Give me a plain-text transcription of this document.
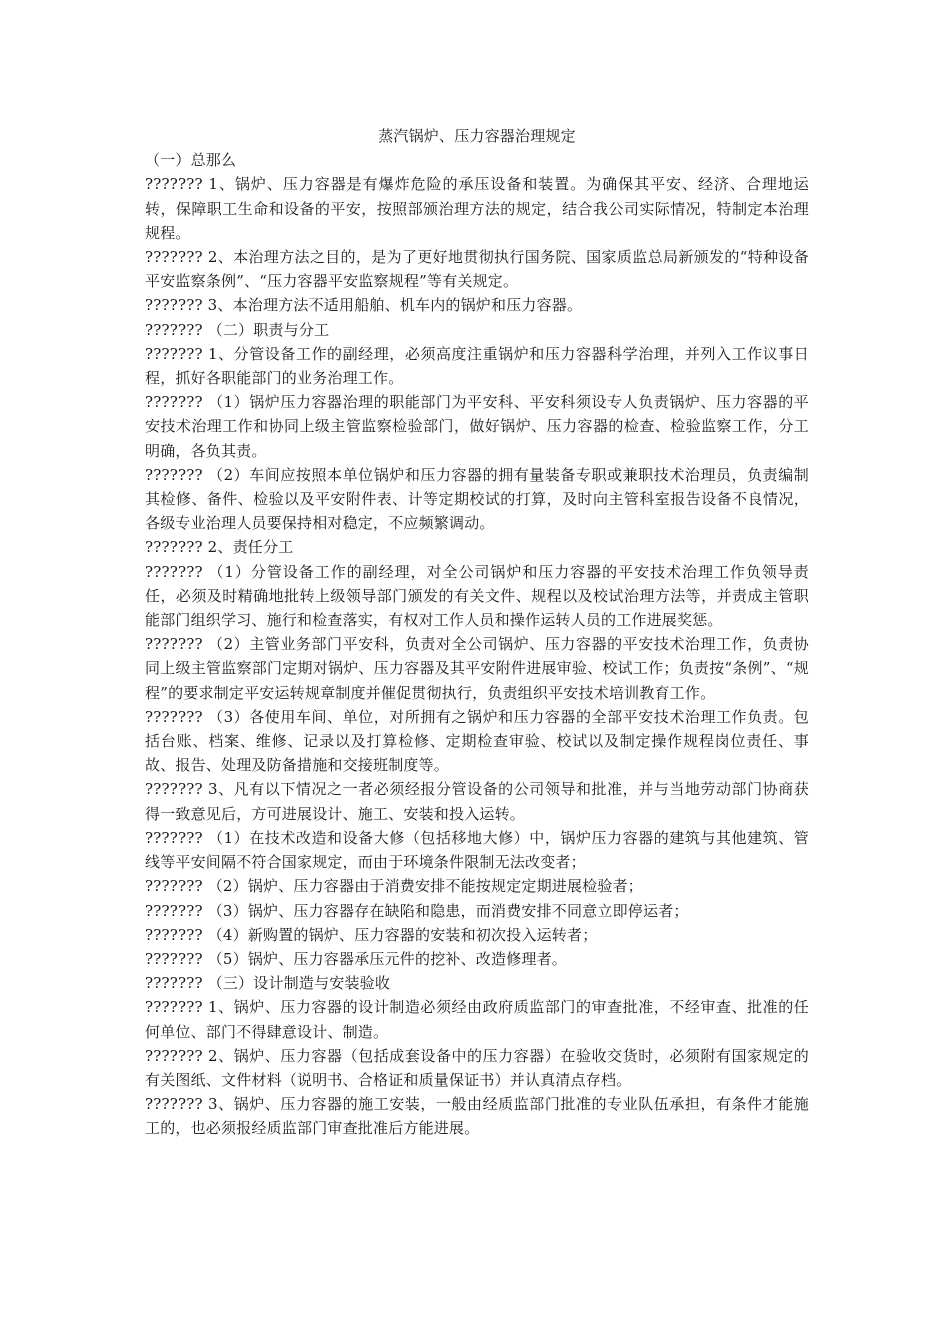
蒸汽锅炉、压力容器治理规定

（一）总那么

??????? 1、锅炉、压力容器是有爆炸危险的承压设备和装置。为确保其平安、经济、合理地运转，保障职工生命和设备的平安，按照部颁治理方法的规定，结合我公司实际情况，特制定本治理规程。

??????? 2、本治理方法之目的，是为了更好地贯彻执行国务院、国家质监总局新颁发的“特种设备平安监察条例”、“压力容器平安监察规程”等有关规定。

??????? 3、本治理方法不适用船舶、机车内的锅炉和压力容器。

??????? （二）职责与分工

??????? 1、分管设备工作的副经理，必须高度注重锅炉和压力容器科学治理，并列入工作议事日程，抓好各职能部门的业务治理工作。

??????? （1）锅炉压力容器治理的职能部门为平安科、平安科须设专人负责锅炉、压力容器的平安技术治理工作和协同上级主管监察检验部门，做好锅炉、压力容器的检查、检验监察工作，分工明确，各负其责。

??????? （2）车间应按照本单位锅炉和压力容器的拥有量装备专职或兼职技术治理员，负责编制其检修、备件、检验以及平安附件表、计等定期校试的打算，及时向主管科室报告设备不良情况，各级专业治理人员要保持相对稳定，不应频繁调动。

??????? 2、责任分工

??????? （1）分管设备工作的副经理，对全公司锅炉和压力容器的平安技术治理工作负领导责任，必须及时精确地批转上级领导部门颁发的有关文件、规程以及校试治理方法等，并责成主管职能部门组织学习、施行和检查落实，有权对工作人员和操作运转人员的工作进展奖惩。

??????? （2）主管业务部门平安科，负责对全公司锅炉、压力容器的平安技术治理工作，负责协同上级主管监察部门定期对锅炉、压力容器及其平安附件进展审验、校试工作；负责按“条例”、“规程”的要求制定平安运转规章制度并催促贯彻执行，负责组织平安技术培训教育工作。

??????? （3）各使用车间、单位，对所拥有之锅炉和压力容器的全部平安技术治理工作负责。包括台账、档案、维修、记录以及打算检修、定期检查审验、校试以及制定操作规程岗位责任、事故、报告、处理及防备措施和交接班制度等。

??????? 3、凡有以下情况之一者必须经报分管设备的公司领导和批准，并与当地劳动部门协商获得一致意见后，方可进展设计、施工、安装和投入运转。

??????? （1）在技术改造和设备大修（包括移地大修）中，锅炉压力容器的建筑与其他建筑、管线等平安间隔不符合国家规定，而由于环境条件限制无法改变者；

??????? （2）锅炉、压力容器由于消费安排不能按规定定期进展检验者；

??????? （3）锅炉、压力容器存在缺陷和隐患，而消费安排不同意立即停运者；

??????? （4）新购置的锅炉、压力容器的安装和初次投入运转者；

??????? （5）锅炉、压力容器承压元件的挖补、改造修理者。

??????? （三）设计制造与安装验收

??????? 1、锅炉、压力容器的设计制造必须经由政府质监部门的审查批准，不经审查、批准的任何单位、部门不得肆意设计、制造。

??????? 2、锅炉、压力容器（包括成套设备中的压力容器）在验收交货时，必须附有国家规定的有关图纸、文件材料（说明书、合格证和质量保证书）并认真清点存档。

??????? 3、锅炉、压力容器的施工安装，一般由经质监部门批准的专业队伍承担，有条件才能施工的，也必须报经质监部门审查批准后方能进展。
